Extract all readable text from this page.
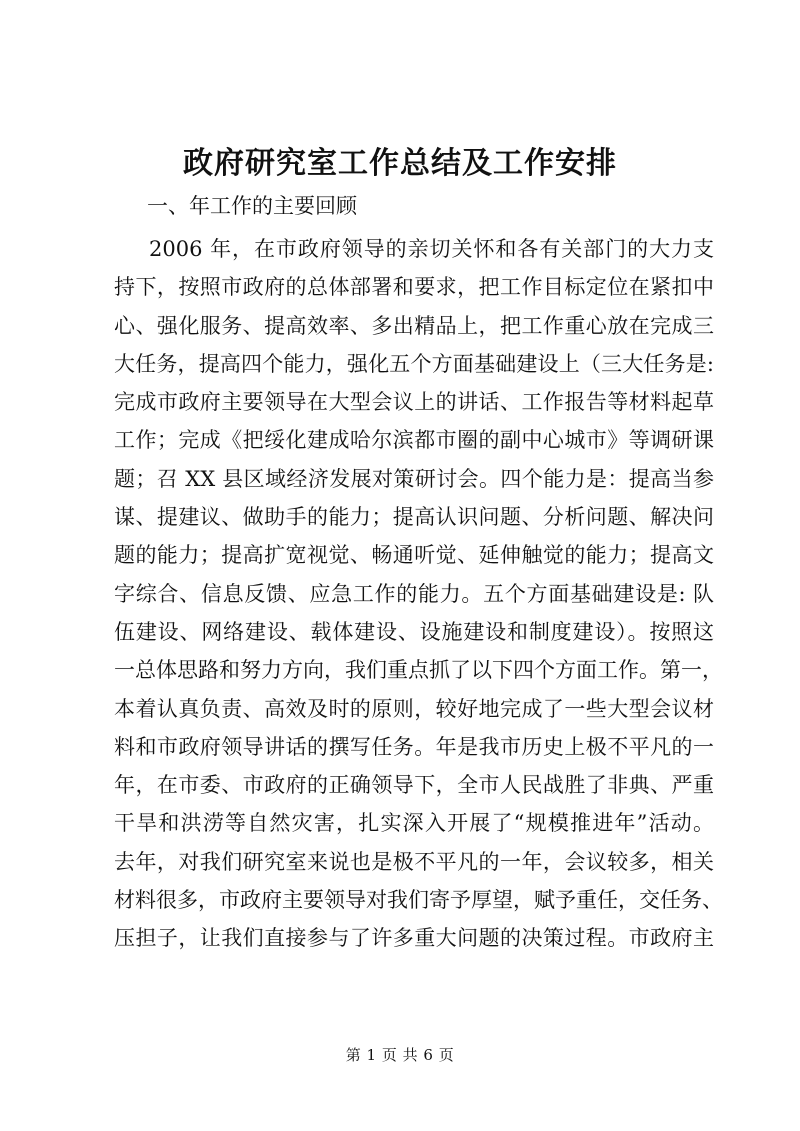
政府研究室工作总结及工作安排

一、年工作的主要回顾

2006 年，在市政府领导的亲切关怀和各有关部门的大力支
持下，按照市政府的总体部署和要求，把工作目标定位在紧扣中
心、强化服务、提高效率、多出精品上，把工作重心放在完成三
大任务，提高四个能力，强化五个方面基础建设上（三大任务是:
完成市政府主要领导在大型会议上的讲话、工作报告等材料起草
工作；完成《把绥化建成哈尔滨都市圈的副中心城市》等调研课
题；召 XX 县区域经济发展对策研讨会。四个能力是：提高当参
谋、提建议、做助手的能力；提高认识问题、分析问题、解决问
题的能力；提高扩宽视觉、畅通听觉、延伸触觉的能力；提高文
字综合、信息反馈、应急工作的能力。五个方面基础建设是: 队
伍建设、网络建设、载体建设、设施建设和制度建设）。按照这
一总体思路和努力方向，我们重点抓了以下四个方面工作。第一，
本着认真负责、高效及时的原则，较好地完成了一些大型会议材
料和市政府领导讲话的撰写任务。年是我市历史上极不平凡的一
年，在市委、市政府的正确领导下，全市人民战胜了非典、严重
干旱和洪涝等自然灾害，扎实深入开展了“规模推进年”活动。
去年，对我们研究室来说也是极不平凡的一年，会议较多，相关
材料很多，市政府主要领导对我们寄予厚望，赋予重任，交任务、
压担子，让我们直接参与了许多重大问题的决策过程。市政府主
第 1 页 共 6 页
